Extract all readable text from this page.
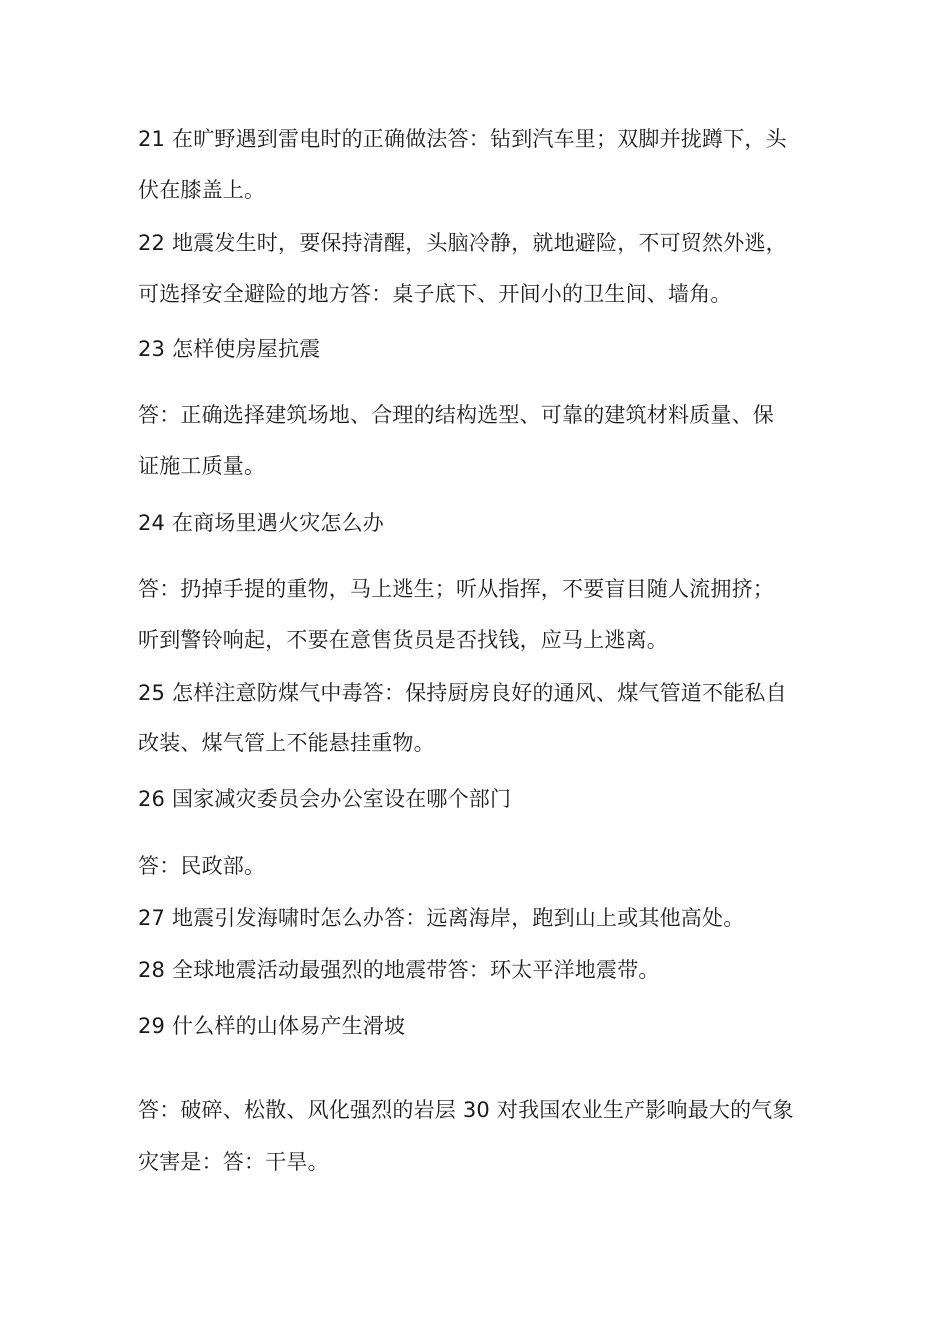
21 在旷野遇到雷电时的正确做法答：钻到汽车里；双脚并拢蹲下，头
伏在膝盖上。
22 地震发生时，要保持清醒，头脑冷静，就地避险，不可贸然外逃，
可选择安全避险的地方答：桌子底下、开间小的卫生间、墙角。
23 怎样使房屋抗震
答：正确选择建筑场地、合理的结构选型、可靠的建筑材料质量、保
证施工质量。
24 在商场里遇火灾怎么办
答：扔掉手提的重物，马上逃生；听从指挥，不要盲目随人流拥挤；
听到警铃响起，不要在意售货员是否找钱，应马上逃离。
25 怎样注意防煤气中毒答：保持厨房良好的通风、煤气管道不能私自
改装、煤气管上不能悬挂重物。
26 国家减灾委员会办公室设在哪个部门
答：民政部。
27 地震引发海啸时怎么办答：远离海岸，跑到山上或其他高处。
28 全球地震活动最强烈的地震带答：环太平洋地震带。
29 什么样的山体易产生滑坡
答：破碎、松散、风化强烈的岩层 30 对我国农业生产影响最大的气象
灾害是：答：干旱。
